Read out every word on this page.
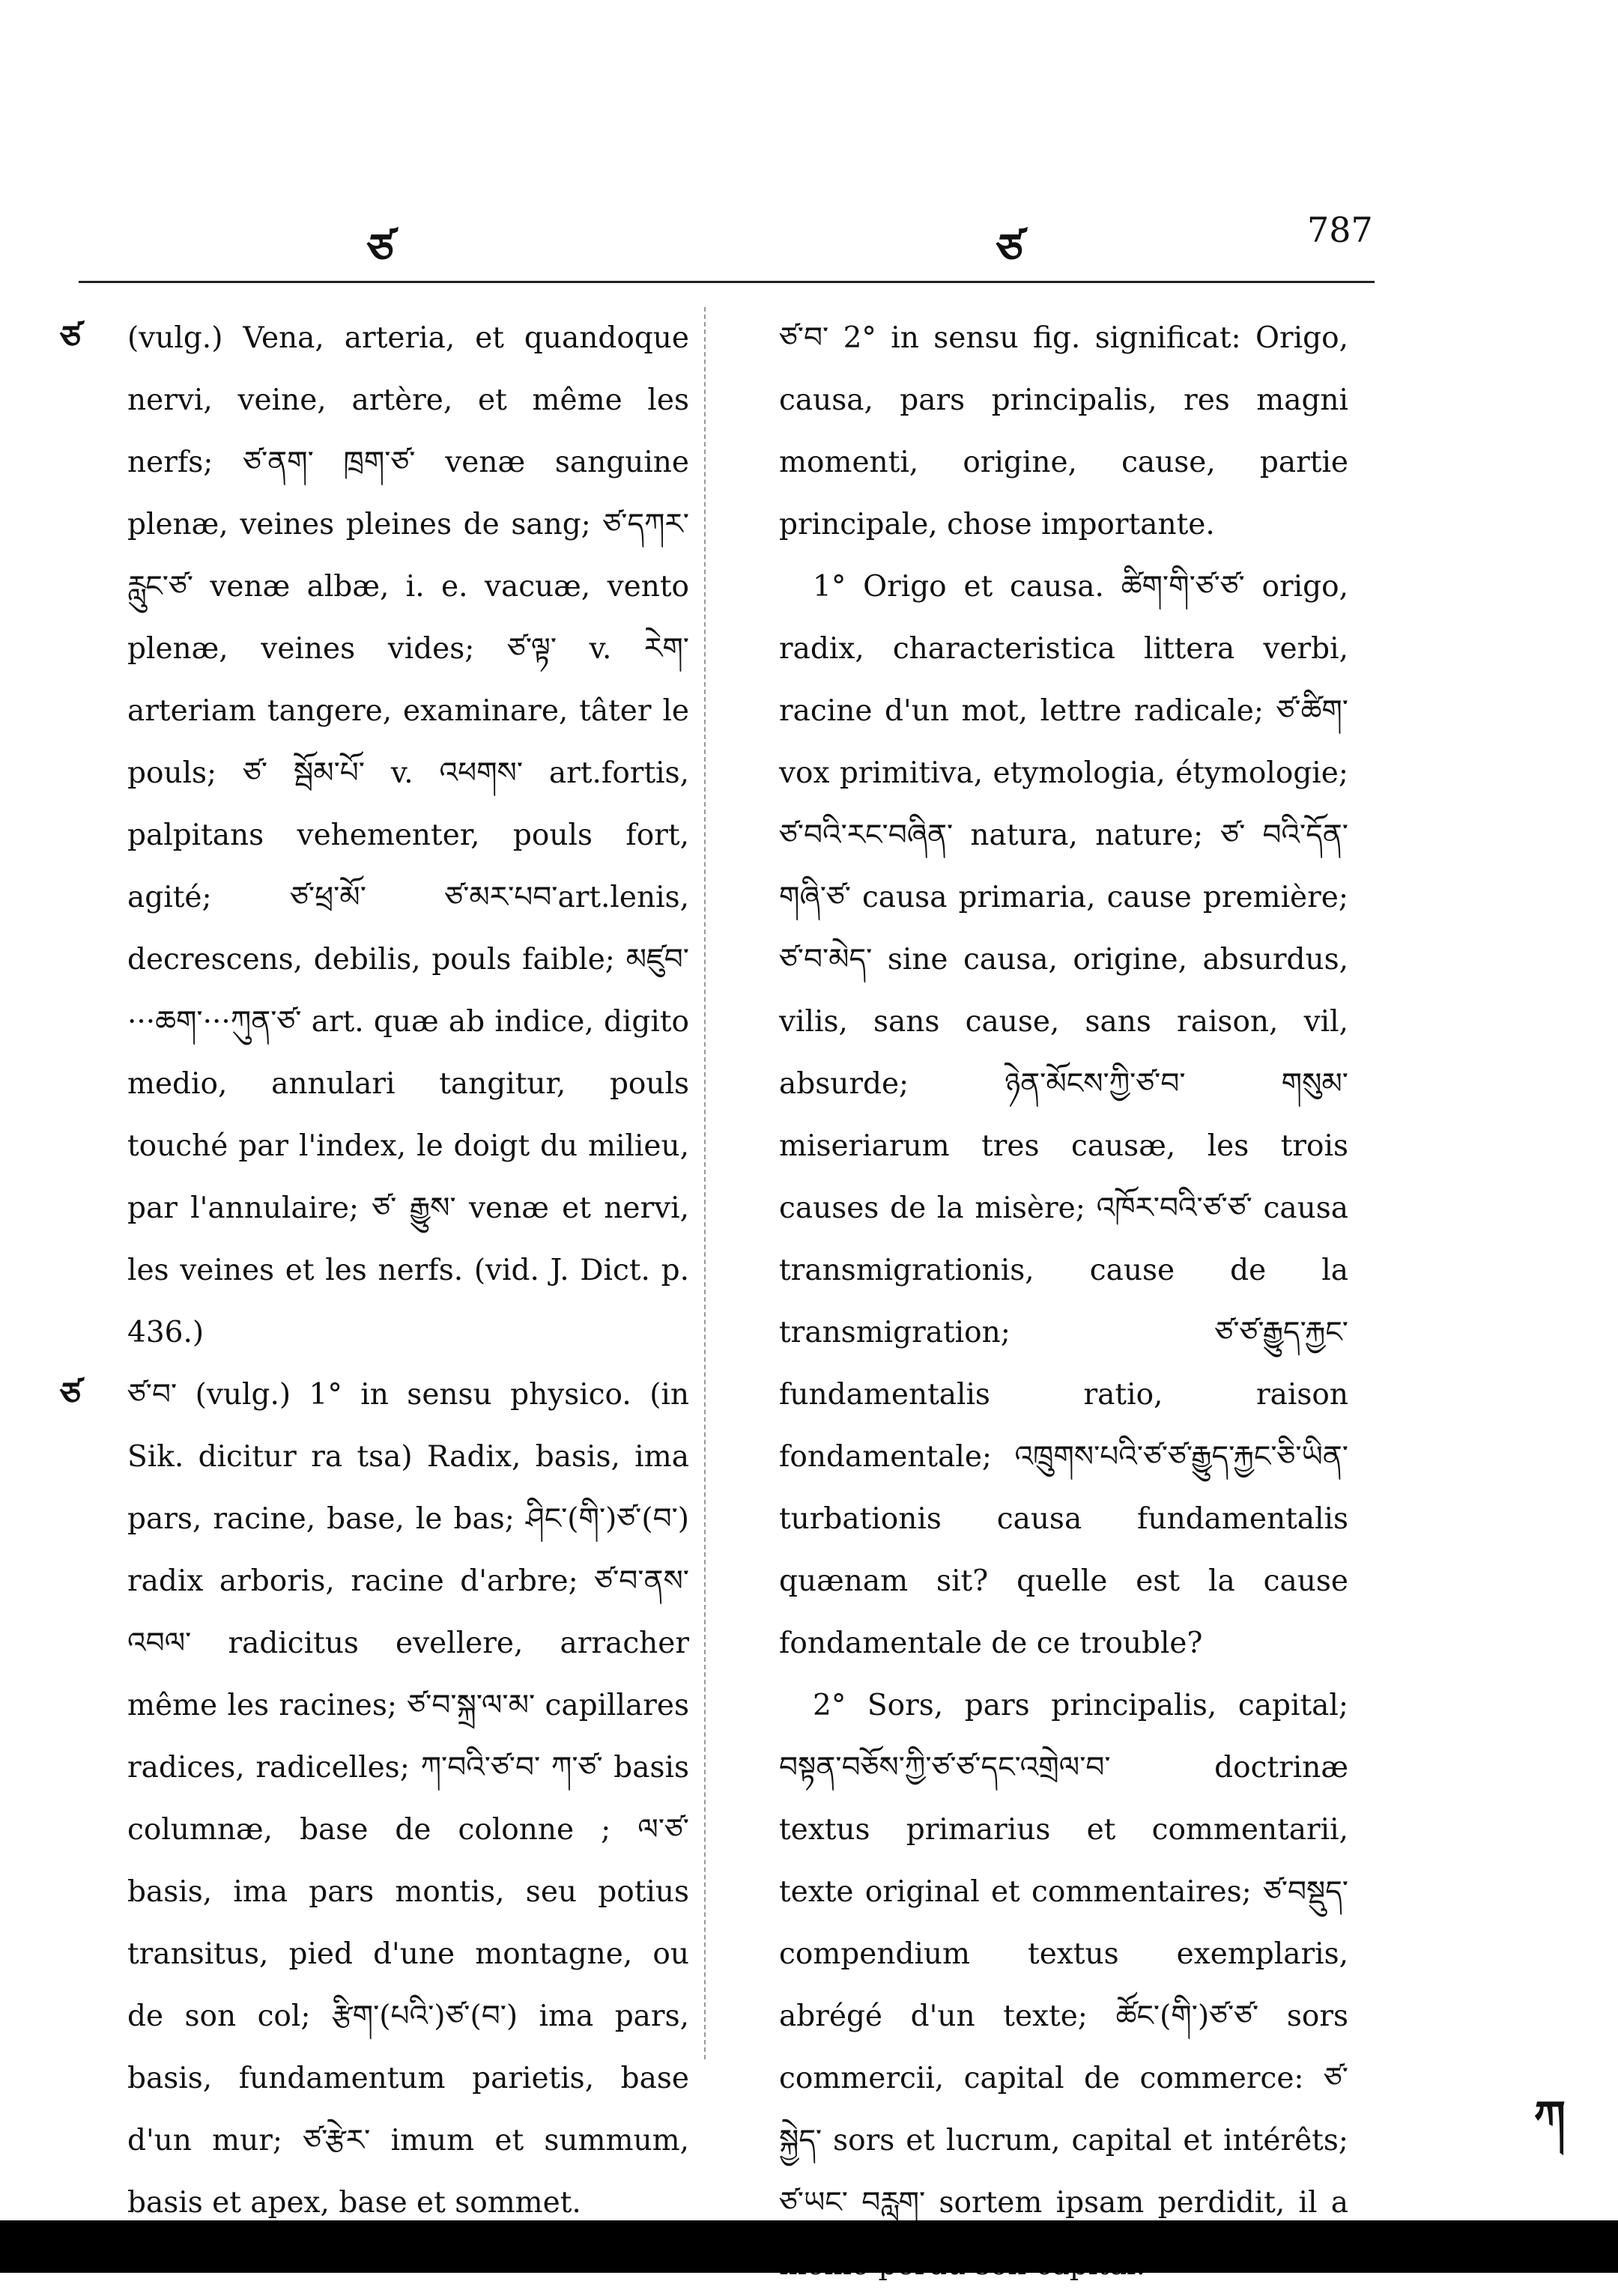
ཙ	ཙ	787
ཙ (vulg.) Vena, arteria, et quandoque nervi, veine, artère, et même les nerfs; ཙ་ནག་ ཁྲག་ཙ་ venæ sanguine plenæ, veines pleines de sang; ཙ་དཀར་ རླུང་ཙ་ venæ albæ, i. e. vacuæ, vento plenæ, veines vides; ཙ་ལྟ་ v. རེག་ arteriam tangere, examinare, tâter le pouls; ཙ་ སྦོམ་པོ་ v. འཕགས་ art.fortis, palpitans vehementer, pouls fort, agité; ཙ་ཕྲ་མོ་ ཙ་མར་པབ་art.lenis, decrescens, debilis, pouls faible; མཛུབ་···ཆག་···ཀུན་ཙ་ art. quæ ab indice, digito medio, annulari tangitur, pouls touché par l'index, le doigt du milieu, par l'annulaire; ཙ་ རྒྱུས་ venæ et nervi, les veines et les nerfs. (vid. J. Dict. p. 436.)

ཙ ཙ་བ་ (vulg.) 1° in sensu physico. (in Sik. dicitur ra tsa) Radix, basis, ima pars, racine, base, le bas; ཤིང་(གི་)ཙ་(བ་) radix arboris, racine d'arbre; ཙ་བ་ནས་ འབལ་ radicitus evellere, arracher même les racines; ཙ་བ་སྐྲ་ལ་མ་ capillares radices, radicelles; ཀ་བའི་ཙ་བ་ ཀ་ཙ་ basis columnæ, base de colonne ; ལ་ཙ་ basis, ima pars montis, seu potius transitus, pied d'une montagne, ou de son col; རྩིག་(པའི་)ཙ་(བ་) ima pars, basis, fundamentum parietis, base d'un mur; ཙ་རྩེར་ imum et summum, basis et apex, base et sommet.

ཙ་བ་ 2° in sensu fig. significat: Origo, causa, pars principalis, res magni momenti, origine, cause, partie principale, chose importante.

1° Origo et causa. ཚིག་གི་ཙ་ཙ་ origo, radix, characteristica littera verbi, racine d'un mot, lettre radicale; ཙ་ཚིག་ vox primitiva, etymologia, étymologie; ཙ་བའི་རང་བཞིན་ natura, nature; ཙ་ བའི་དོན་ གཞི་ཙ་ causa primaria, cause première; ཙ་བ་མེད་ sine causa, origine, absurdus, vilis, sans cause, sans raison, vil, absurde; ཉེན་མོངས་ཀྱི་ཙ་བ་ གསུམ་ miseriarum tres causæ, les trois causes de la misère; འཁོར་བའི་ཙ་ཙ་ causa transmigrationis, cause de la transmigration; ཙ་ཙ་རྒྱུད་རྐྱང་ fundamentalis ratio, raison fondamentale; འཁྲུགས་པའི་ཙ་ཙ་རྒྱུད་རྐྱང་ཅི་ཡིན་ turbationis causa fundamentalis quænam sit? quelle est la cause fondamentale de ce trouble?

2° Sors, pars principalis, capital; བསྟན་བཅོས་ཀྱི་ཙ་ཙ་དང་འགྲེལ་བ་ doctrinæ textus primarius et commentarii, texte original et commentaires; ཙ་བསྡུད་ compendium textus exemplaris, abrégé d'un texte; ཚོང་(གི་)ཙ་ཙ་ sors commercii, capital de commerce: ཙ་སྐྱེད་ sors et lucrum, capital et intérêts; ཙ་ཡང་ བརླག་ sortem ipsam perdidit, il a

ཀ
